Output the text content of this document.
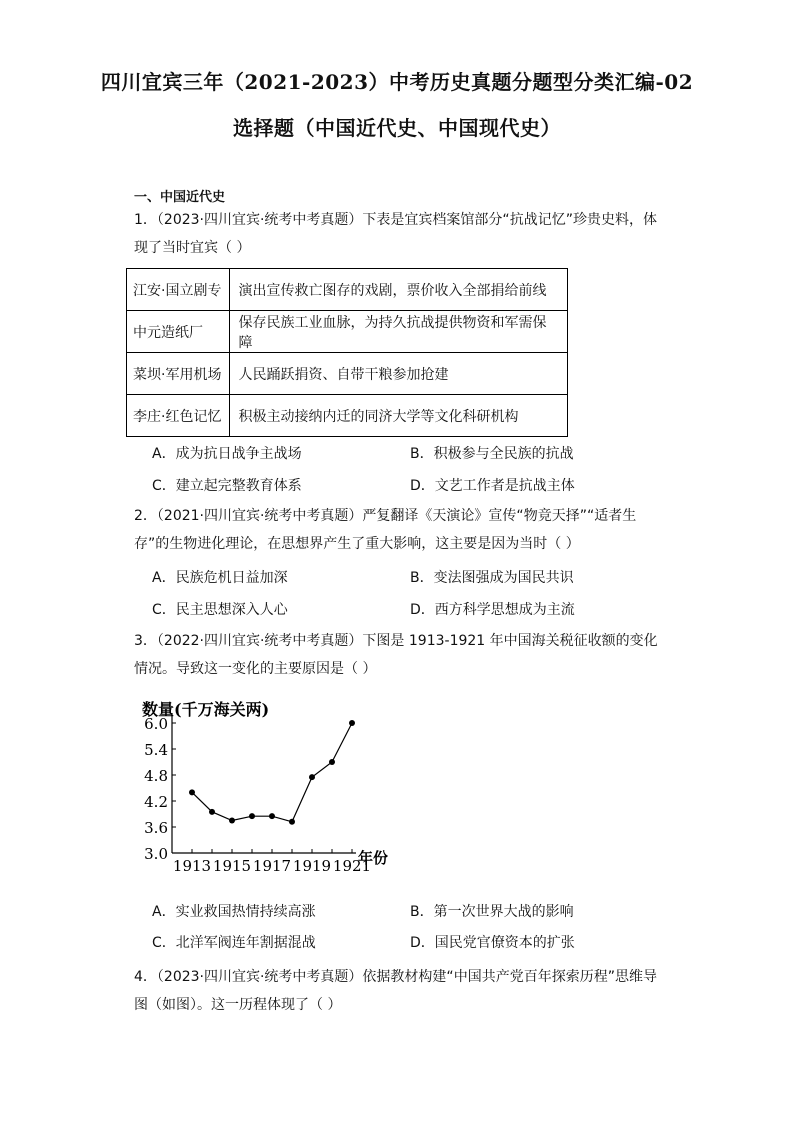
四川宜宾三年（2021-2023）中考历史真题分题型分类汇编-02
选择题（中国近代史、中国现代史）
一、中国近代史
1．（2023·四川宜宾·统考中考真题）下表是宜宾档案馆部分“抗战记忆”珍贵史料，体现了当时宜宾（ ）
江安·国立剧专	演出宣传救亡图存的戏剧，票价收入全部捐给前线
中元造纸厂	保存民族工业血脉，为持久抗战提供物资和军需保障
菜坝·军用机场	人民踊跃捐资、自带干粮参加抢建
李庄·红色记忆	积极主动接纳内迁的同济大学等文化科研机构
A．成为抗日战争主战场	B．积极参与全民族的抗战
C．建立起完整教育体系	D．文艺工作者是抗战主体
2．（2021·四川宜宾·统考中考真题）严复翻译《天演论》宣传“物竞天择”“适者生存”的生物进化理论，在思想界产生了重大影响，这主要是因为当时（ ）
A．民族危机日益加深	B．变法图强成为国民共识
C．民主思想深入人心	D．西方科学思想成为主流
3．（2022·四川宜宾·统考中考真题）下图是 1913-1921 年中国海关税征收额的变化情况。导致这一变化的主要原因是（ ）
数量(千万海关两)
年份
3.0
3.6
4.2
4.8
5.4
6.0
1913 1915 1917 1919 1921
A．实业救国热情持续高涨	B．第一次世界大战的影响
C．北洋军阀连年割据混战	D．国民党官僚资本的扩张
4．（2023·四川宜宾·统考中考真题）依据教材构建“中国共产党百年探索历程”思维导图（如图）。这一历程体现了（ ）
